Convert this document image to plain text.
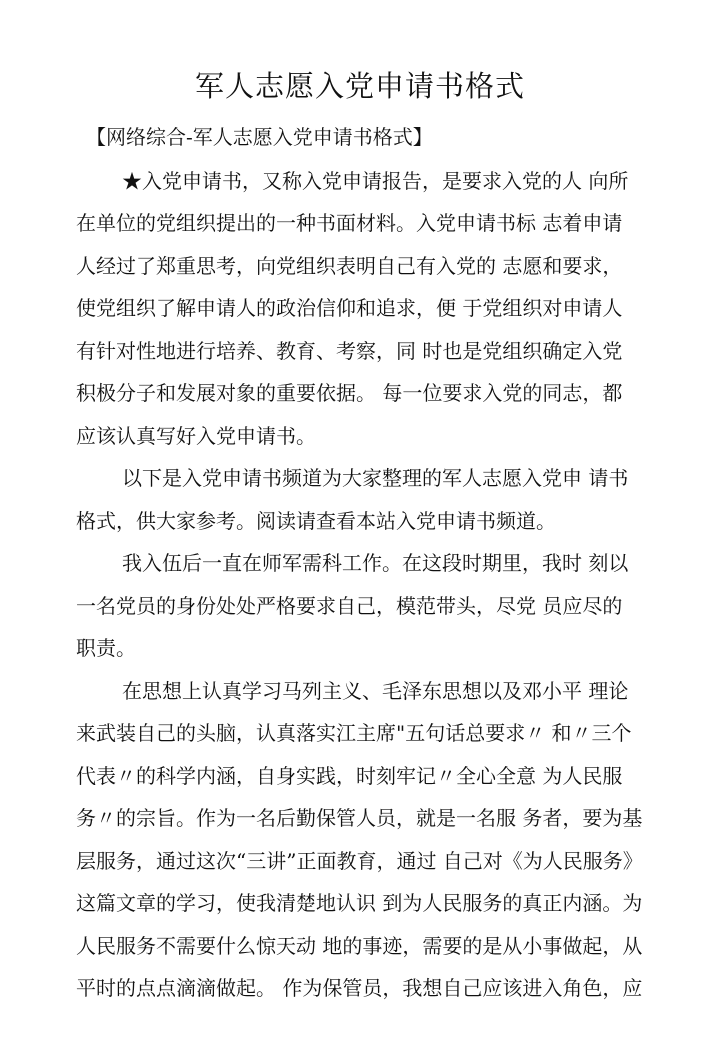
军人志愿入党申请书格式
【网络综合-军人志愿入党申请书格式】
★入党申请书，又称入党申请报告，是要求入党的人 向所
在单位的党组织提出的一种书面材料。入党申请书标 志着申请
人经过了郑重思考，向党组织表明自己有入党的 志愿和要求，
使党组织了解申请人的政治信仰和追求，便 于党组织对申请人
有针对性地进行培养、教育、考察，同 时也是党组织确定入党
积极分子和发展对象的重要依据。 每一位要求入党的同志，都
应该认真写好入党申请书。
以下是入党申请书频道为大家整理的军人志愿入党申 请书
格式，供大家参考。阅读请查看本站入党申请书频道。
我入伍后一直在师军需科工作。在这段时期里，我时 刻以
一名党员的身份处处严格要求自己，模范带头，尽党 员应尽的
职责。
在思想上认真学习马列主义、毛泽东思想以及邓小平 理论
来武装自己的头脑，认真落实江主席"五句话总要求〃 和〃三个
代表〃的科学内涵，自身实践，时刻牢记〃全心全意 为人民服
务〃的宗旨。作为一名后勤保管人员，就是一名服 务者，要为基
层服务，通过这次“三讲”正面教育，通过 自己对《为人民服务》
这篇文章的学习，使我清楚地认识 到为人民服务的真正内涵。为
人民服务不需要什么惊天动 地的事迹，需要的是从小事做起，从
平时的点点滴滴做起。 作为保管员，我想自己应该进入角色，应
